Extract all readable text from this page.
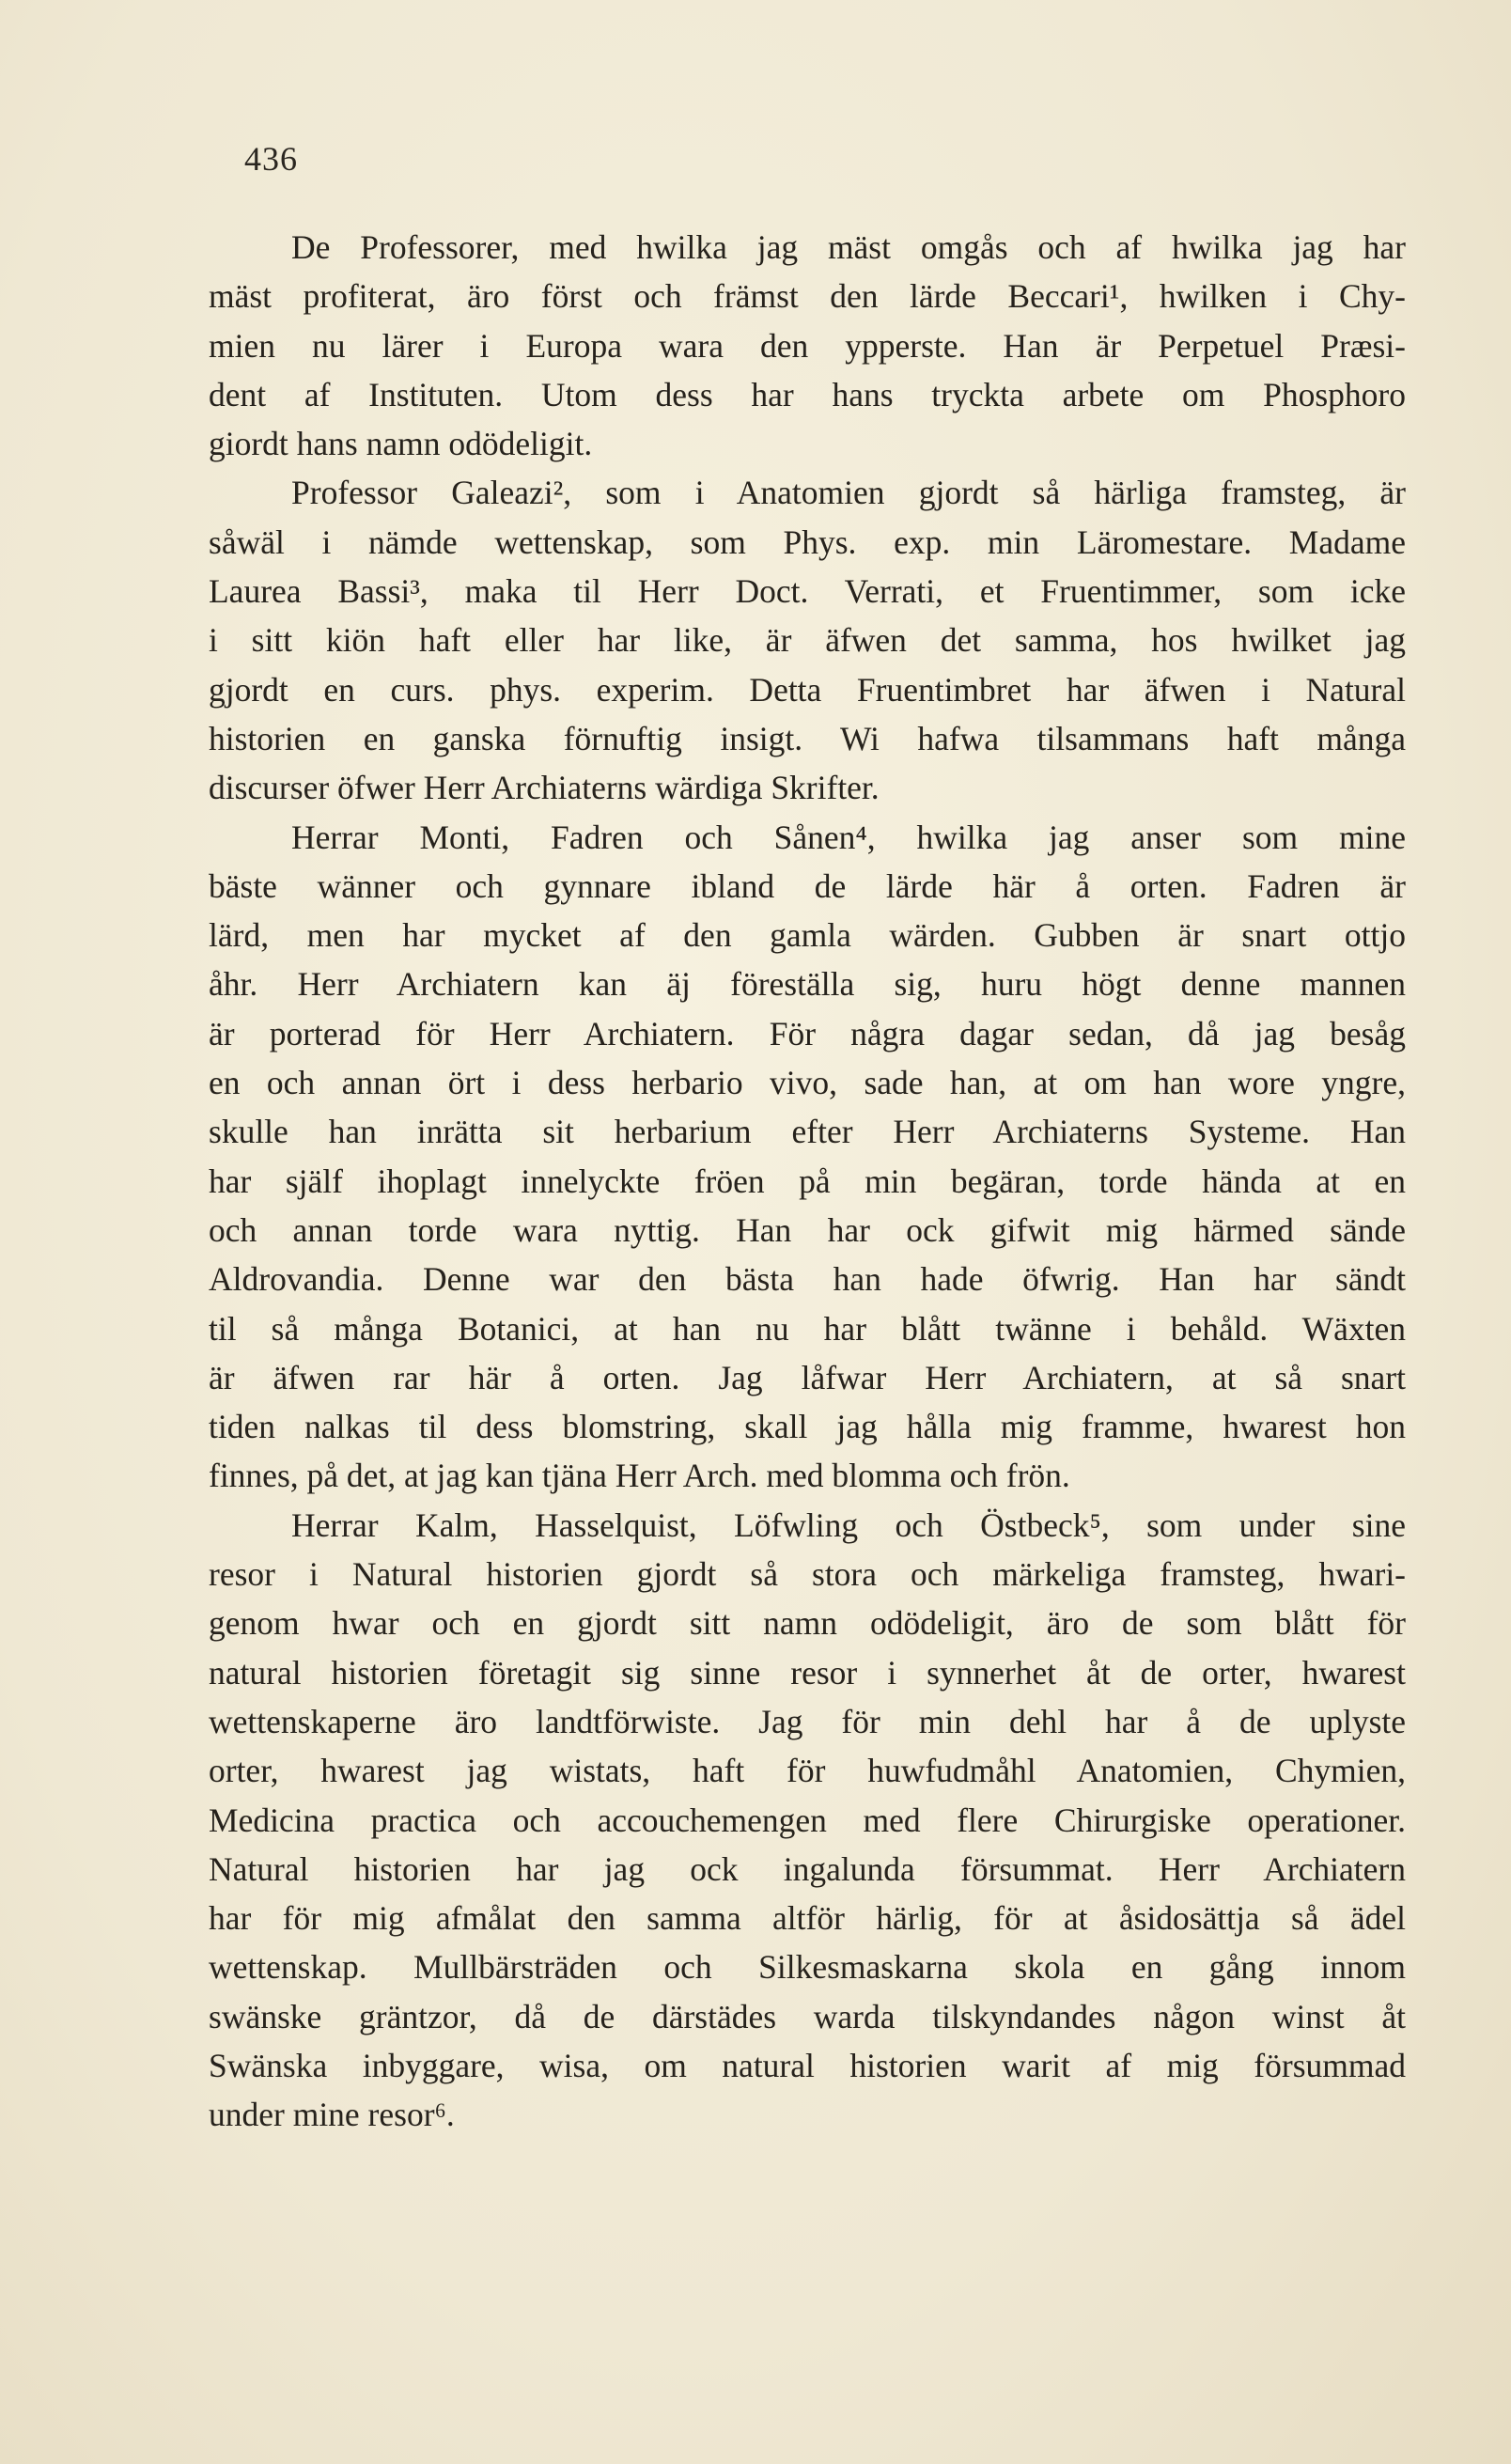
436
De Professorer, med hwilka jag mäst omgås och af hwilka jag har
mäst profiterat, äro först och främst den lärde Beccari¹, hwilken i Chy-
mien nu lärer i Europa wara den ypperste. Han är Perpetuel Præsi-
dent af Instituten. Utom dess har hans tryckta arbete om Phosphoro
giordt hans namn odödeligit.
Professor Galeazi², som i Anatomien gjordt så härliga framsteg, är
såwäl i nämde wettenskap, som Phys. exp. min Läromestare. Madame
Laurea Bassi³, maka til Herr Doct. Verrati, et Fruentimmer, som icke
i sitt kiön haft eller har like, är äfwen det samma, hos hwilket jag
gjordt en curs. phys. experim. Detta Fruentimbret har äfwen i Natural
historien en ganska förnuftig insigt. Wi hafwa tilsammans haft många
discurser öfwer Herr Archiaterns wärdiga Skrifter.
Herrar Monti, Fadren och Sånen⁴, hwilka jag anser som mine
bäste wänner och gynnare ibland de lärde här å orten. Fadren är
lärd, men har mycket af den gamla wärden. Gubben är snart ottjo
åhr. Herr Archiatern kan äj föreställa sig, huru högt denne mannen
är porterad för Herr Archiatern. För några dagar sedan, då jag besåg
en och annan ört i dess herbario vivo, sade han, at om han wore yngre,
skulle han inrätta sit herbarium efter Herr Archiaterns Systeme. Han
har själf ihoplagt innelyckte fröen på min begäran, torde hända at en
och annan torde wara nyttig. Han har ock gifwit mig härmed sände
Aldrovandia. Denne war den bästa han hade öfwrig. Han har sändt
til så många Botanici, at han nu har blått twänne i behåld. Wäxten
är äfwen rar här å orten. Jag låfwar Herr Archiatern, at så snart
tiden nalkas til dess blomstring, skall jag hålla mig framme, hwarest hon
finnes, på det, at jag kan tjäna Herr Arch. med blomma och frön.
Herrar Kalm, Hasselquist, Löfwling och Östbeck⁵, som under sine
resor i Natural historien gjordt så stora och märkeliga framsteg, hwari-
genom hwar och en gjordt sitt namn odödeligit, äro de som blått för
natural historien företagit sig sinne resor i synnerhet åt de orter, hwarest
wettenskaperne äro landtförwiste. Jag för min dehl har å de uplyste
orter, hwarest jag wistats, haft för huwfudmåhl Anatomien, Chymien,
Medicina practica och accouchemengen med flere Chirurgiske operationer.
Natural historien har jag ock ingalunda försummat. Herr Archiatern
har för mig afmålat den samma altför härlig, för at åsidosättja så ädel
wettenskap. Mullbärsträden och Silkesmaskarna skola en gång innom
swänske gräntzor, då de därstädes warda tilskyndandes någon winst åt
Swänska inbyggare, wisa, om natural historien warit af mig försummad
under mine resor⁶.
